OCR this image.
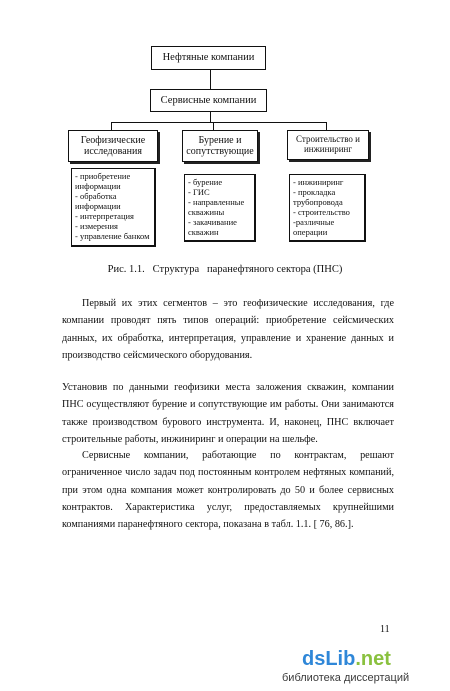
Нефтяные компании
Сервисные компании
Геофизические
исследования
- приобретение
информации
- обработка
информации
- интерпретация
- измерения
- управление банком
Бурение и
сопутствующие
- бурение
- ГИС
- направленные
скважины
- закачивание
скважин
Строительство и
инжиниринг
- инжиниринг
- прокладка
трубопровода
- строительство
-различные
операции
Рис. 1.1.   Структура   паранефтяного сектора (ПНС)

Первый их этих сегментов – это геофизические исследования, где компании проводят пять типов операций: приобретение сейсмических данных, их обработка, интерпретация, управление и хранение данных и производство сейсмического оборудования.

Установив по данными геофизики места заложения скважин, компании ПНС осуществляют бурение и сопутствующие им работы. Они занимаются также производством бурового инструмента. И, наконец, ПНС включает строительные работы, инжиниринг и операции на шельфе.

Сервисные компании, работающие по контрактам, решают ограниченное число задач под постоянным контролем нефтяных компаний, при этом одна компания может контролировать до 50 и более сервисных контрактов. Характеристика услуг, предоставляемых крупнейшими компаниями паранефтяного сектора, показана в табл. 1.1. [ 76, 86.].

11
dsLib.net
библиотека диссертаций
